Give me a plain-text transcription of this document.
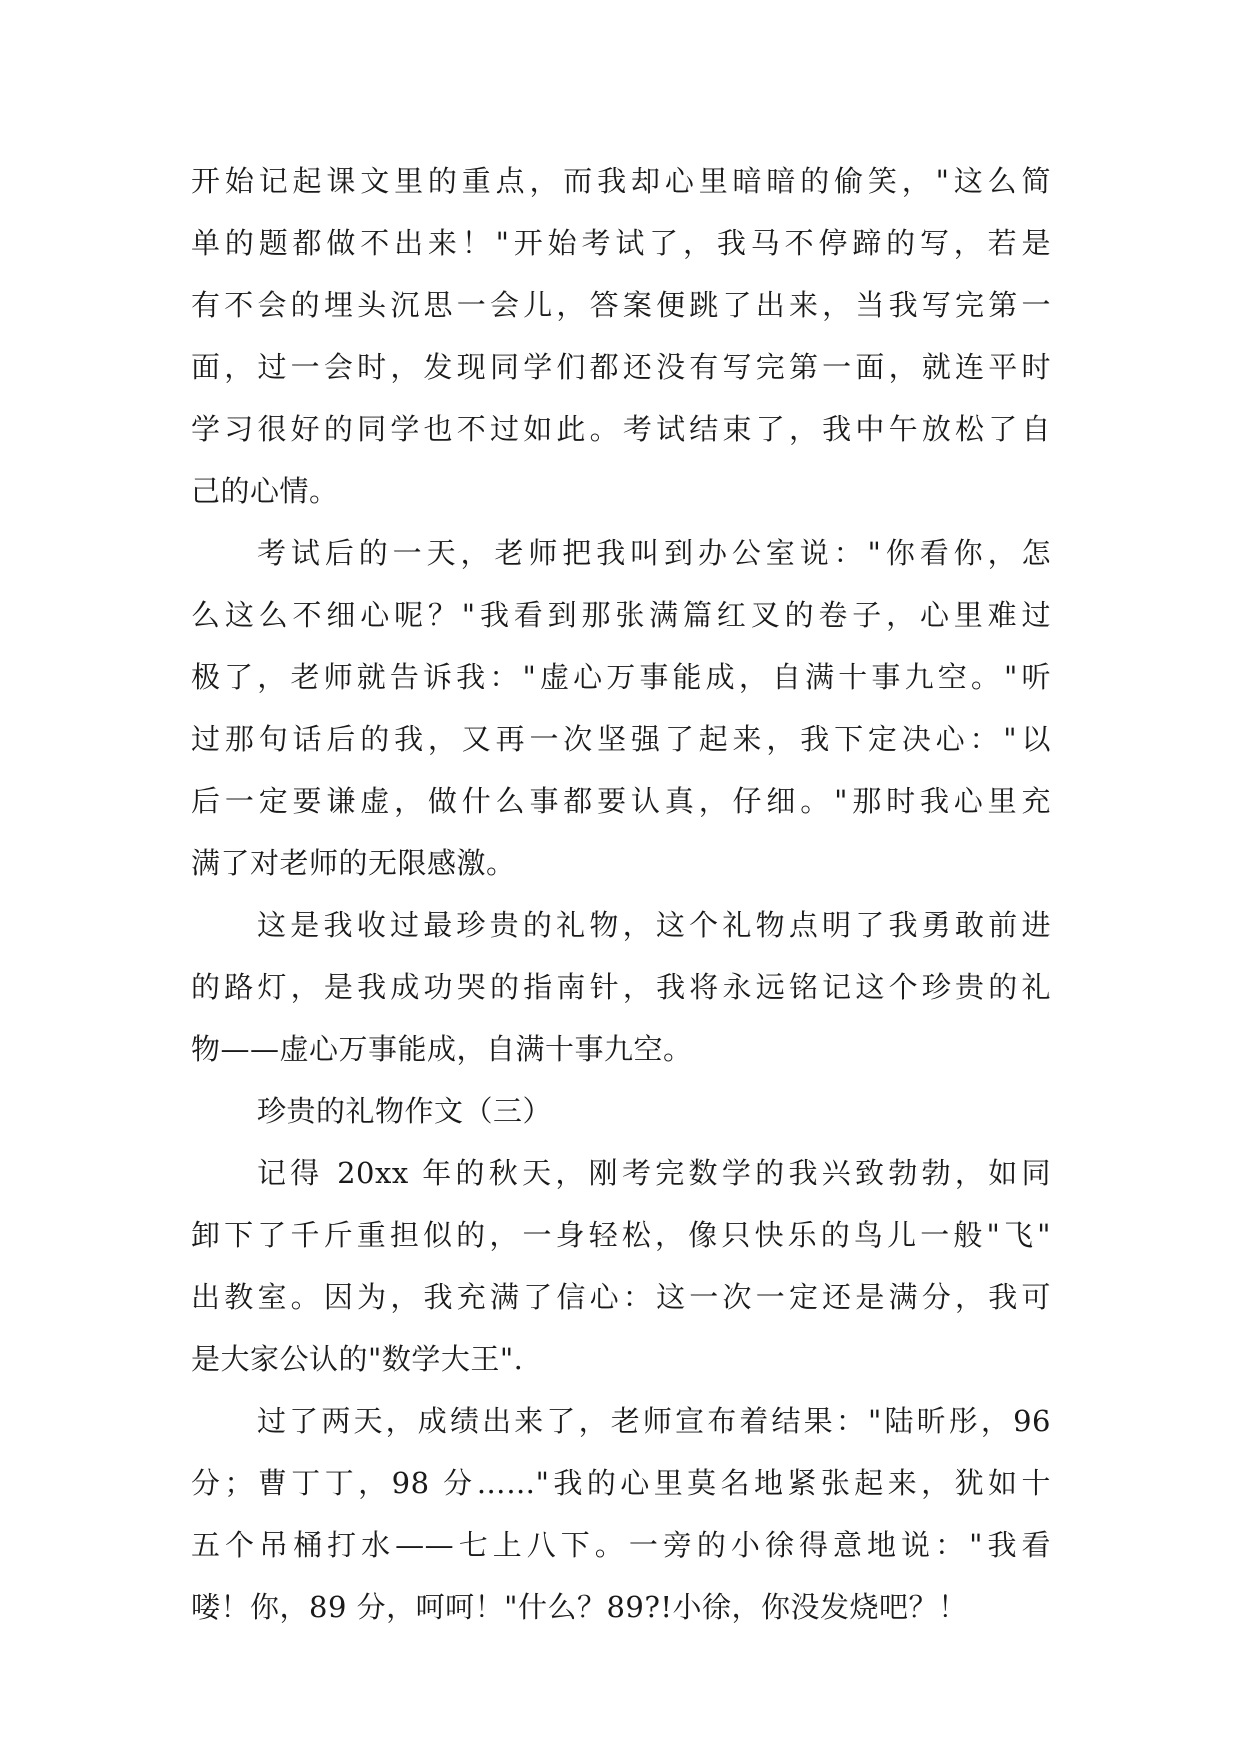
开始记起课文里的重点，而我却心里暗暗的偷笑，"这么简
单的题都做不出来！"开始考试了，我马不停蹄的写，若是
有不会的埋头沉思一会儿，答案便跳了出来，当我写完第一
面，过一会时，发现同学们都还没有写完第一面，就连平时
学习很好的同学也不过如此。考试结束了，我中午放松了自
己的心情。
考试后的一天，老师把我叫到办公室说："你看你，怎
么这么不细心呢？"我看到那张满篇红叉的卷子，心里难过
极了，老师就告诉我："虚心万事能成，自满十事九空。"听
过那句话后的我，又再一次坚强了起来，我下定决心："以
后一定要谦虚，做什么事都要认真，仔细。"那时我心里充
满了对老师的无限感激。
这是我收过最珍贵的礼物，这个礼物点明了我勇敢前进
的路灯，是我成功哭的指南针，我将永远铭记这个珍贵的礼
物——虚心万事能成，自满十事九空。
珍贵的礼物作文（三）
记得 20xx 年的秋天，刚考完数学的我兴致勃勃，如同
卸下了千斤重担似的，一身轻松，像只快乐的鸟儿一般"飞"
出教室。因为，我充满了信心：这一次一定还是满分，我可
是大家公认的"数学大王".
过了两天，成绩出来了，老师宣布着结果："陆昕彤，96
分；曹丁丁，98 分……"我的心里莫名地紧张起来，犹如十
五个吊桶打水——七上八下。一旁的小徐得意地说："我看
喽！你，89 分，呵呵！"什么？89?!小徐，你没发烧吧？！
